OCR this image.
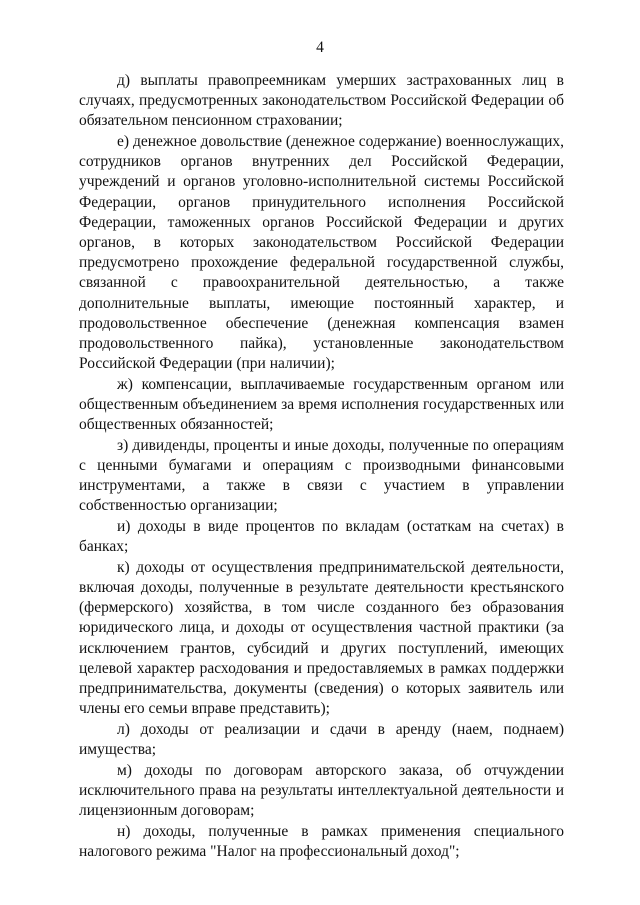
4

д) выплаты правопреемникам умерших застрахованных лиц в случаях, предусмотренных законодательством Российской Федерации об обязательном пенсионном страховании;

е) денежное довольствие (денежное содержание) военнослужащих, сотрудников органов внутренних дел Российской Федерации, учреждений и органов уголовно-исполнительной системы Российской Федерации, органов принудительного исполнения Российской Федерации, таможенных органов Российской Федерации и других органов, в которых законодательством Российской Федерации предусмотрено прохождение федеральной государственной службы, связанной с правоохранительной деятельностью, а также дополнительные выплаты, имеющие постоянный характер, и продовольственное обеспечение (денежная компенсация взамен продовольственного пайка), установленные законодательством Российской Федерации (при наличии);

ж) компенсации, выплачиваемые государственным органом или общественным объединением за время исполнения государственных или общественных обязанностей;

з) дивиденды, проценты и иные доходы, полученные по операциям с ценными бумагами и операциям с производными финансовыми инструментами, а также в связи с участием в управлении собственностью организации;

и) доходы в виде процентов по вкладам (остаткам на счетах) в банках;

к) доходы от осуществления предпринимательской деятельности, включая доходы, полученные в результате деятельности крестьянского (фермерского) хозяйства, в том числе созданного без образования юридического лица, и доходы от осуществления частной практики (за исключением грантов, субсидий и других поступлений, имеющих целевой характер расходования и предоставляемых в рамках поддержки предпринимательства, документы (сведения) о которых заявитель или члены его семьи вправе представить);

л) доходы от реализации и сдачи в аренду (наем, поднаем) имущества;

м) доходы по договорам авторского заказа, об отчуждении исключительного права на результаты интеллектуальной деятельности и лицензионным договорам;

н) доходы, полученные в рамках применения специального налогового режима "Налог на профессиональный доход";
